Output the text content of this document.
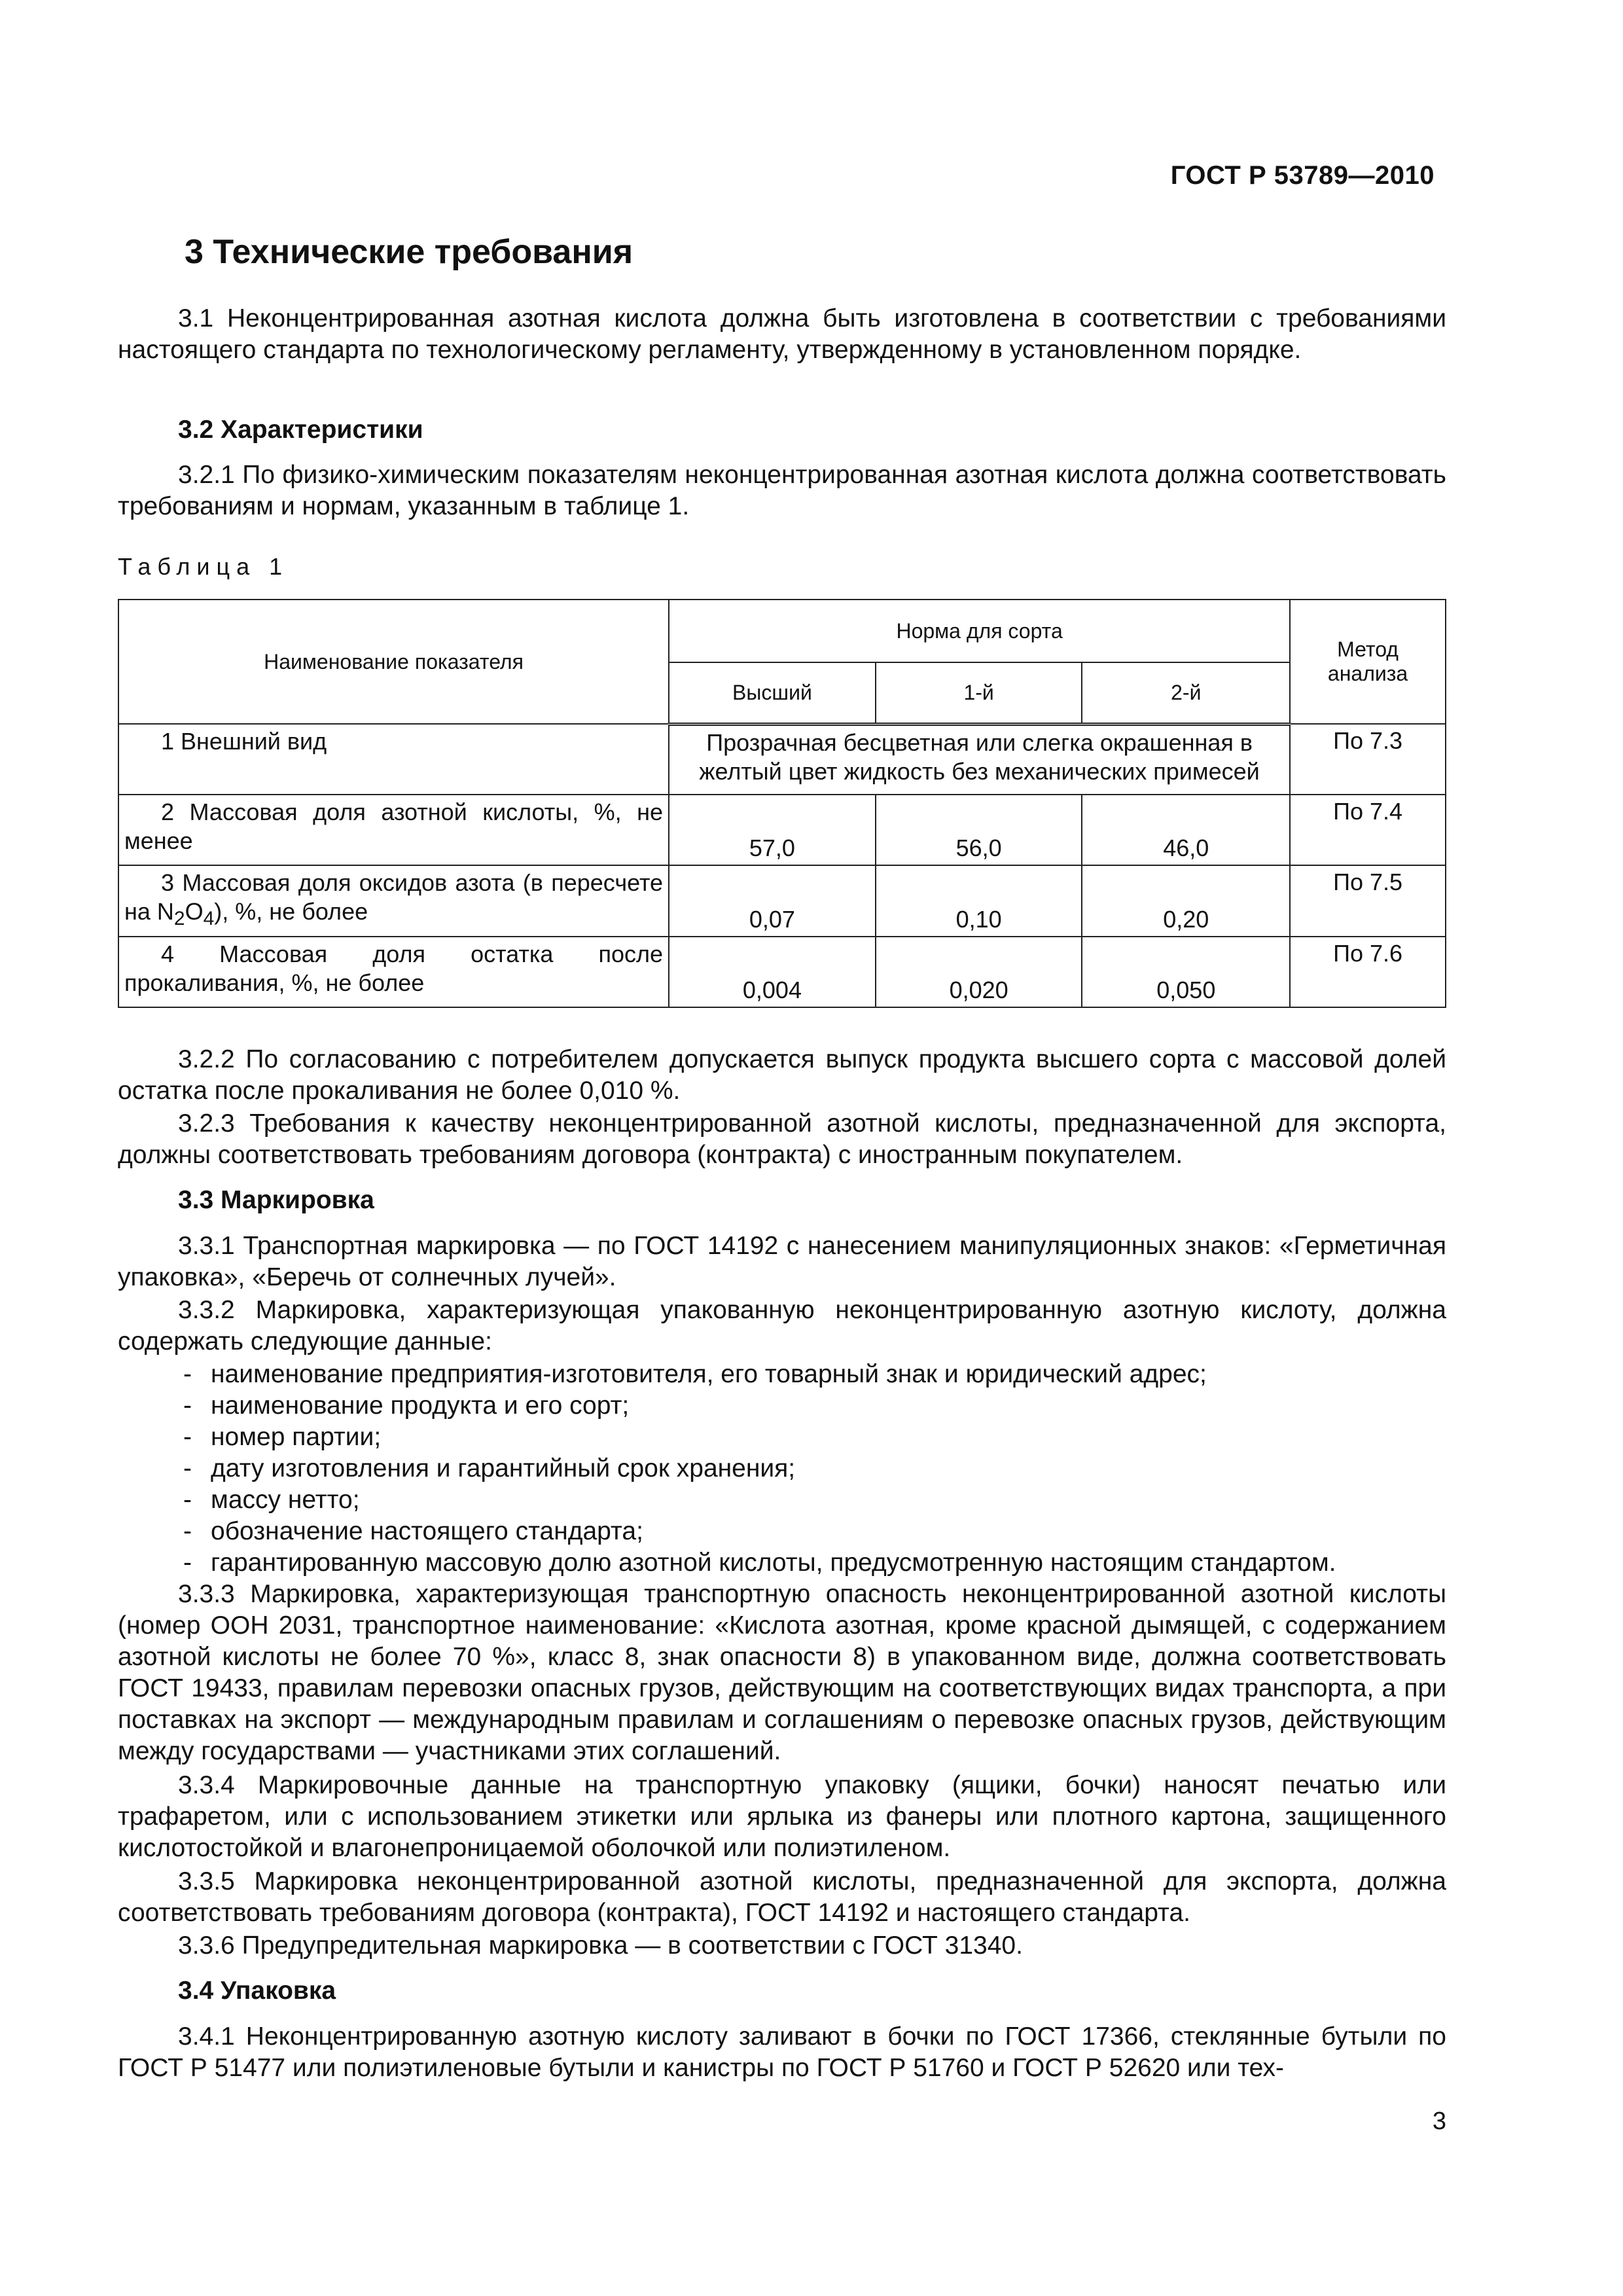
ГОСТ Р 53789—2010
3 Технические требования
3.1 Неконцентрированная азотная кислота должна быть изготовлена в соответствии с требованиями настоящего стандарта по технологическому регламенту, утвержденному в установленном порядке.
3.2 Характеристики
3.2.1 По физико-химическим показателям неконцентрированная азотная кислота должна соответствовать требованиям и нормам, указанным в таблице 1.
Таблица 1
Наименование показателя	Норма для сорта			Метод анализа
	Высший	1-й	2-й	
1 Внешний вид	Прозрачная бесцветная или слегка окрашенная в желтый цвет жидкость без механических примесей			По 7.3
2 Массовая доля азотной кислоты, %, не менее	57,0	56,0	46,0	По 7.4
3 Массовая доля оксидов азота (в пересчете на $N_2O_4$), %, не более	0,07	0,10	0,20	По 7.5
4 Массовая доля остатка после прокаливания, %, не более	0,004	0,020	0,050	По 7.6
3.2.2 По согласованию с потребителем допускается выпуск продукта высшего сорта с массовой долей остатка после прокаливания не более 0,010 %.
3.2.3 Требования к качеству неконцентрированной азотной кислоты, предназначенной для экспорта, должны соответствовать требованиям договора (контракта) с иностранным покупателем.
3.3 Маркировка
3.3.1 Транспортная маркировка — по ГОСТ 14192 с нанесением манипуляционных знаков: «Герметичная упаковка», «Беречь от солнечных лучей».
3.3.2 Маркировка, характеризующая упакованную неконцентрированную азотную кислоту, должна содержать следующие данные:
- наименование предприятия-изготовителя, его товарный знак и юридический адрес;
- наименование продукта и его сорт;
- номер партии;
- дату изготовления и гарантийный срок хранения;
- массу нетто;
- обозначение настоящего стандарта;
- гарантированную массовую долю азотной кислоты, предусмотренную настоящим стандартом.
3.3.3 Маркировка, характеризующая транспортную опасность неконцентрированной азотной кислоты (номер ООН 2031, транспортное наименование: «Кислота азотная, кроме красной дымящей, с содержанием азотной кислоты не более 70 %», класс 8, знак опасности 8) в упакованном виде, должна соответствовать ГОСТ 19433, правилам перевозки опасных грузов, действующим на соответствующих видах транспорта, а при поставках на экспорт — международным правилам и соглашениям о перевозке опасных грузов, действующим между государствами — участниками этих соглашений.
3.3.4 Маркировочные данные на транспортную упаковку (ящики, бочки) наносят печатью или трафаретом, или с использованием этикетки или ярлыка из фанеры или плотного картона, защищенного кислотостойкой и влагонепроницаемой оболочкой или полиэтиленом.
3.3.5 Маркировка неконцентрированной азотной кислоты, предназначенной для экспорта, должна соответствовать требованиям договора (контракта), ГОСТ 14192 и настоящего стандарта.
3.3.6 Предупредительная маркировка — в соответствии с ГОСТ 31340.
3.4 Упаковка
3.4.1 Неконцентрированную азотную кислоту заливают в бочки по ГОСТ 17366, стеклянные бутыли по ГОСТ Р 51477 или полиэтиленовые бутыли и канистры по ГОСТ Р 51760 и ГОСТ Р 52620 или тех-
3
